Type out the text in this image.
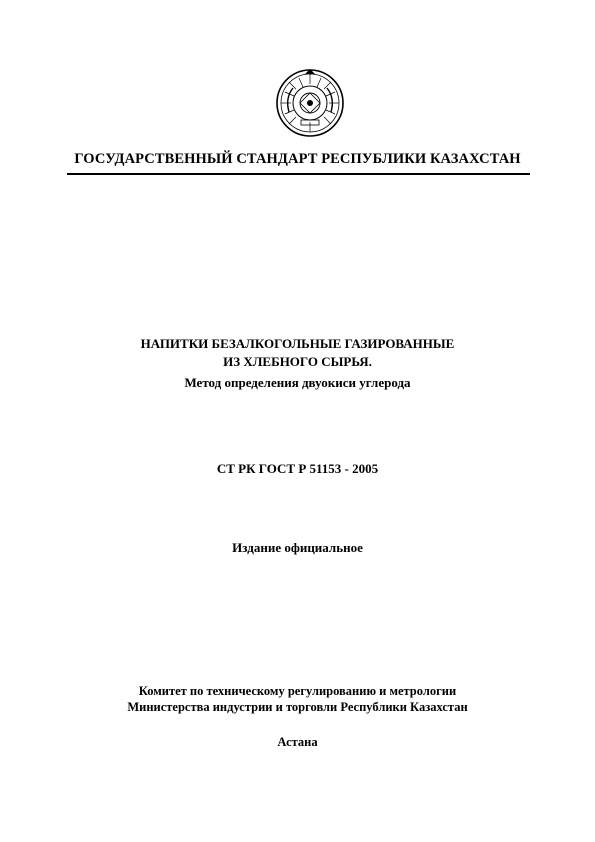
ГОСУДАРСТВЕННЫЙ СТАНДАРТ РЕСПУБЛИКИ КАЗАХСТАН
НАПИТКИ БЕЗАЛКОГОЛЬНЫЕ ГАЗИРОВАННЫЕ
ИЗ ХЛЕБНОГО СЫРЬЯ.
Метод определения двуокиси углерода
СТ РК ГОСТ Р 51153 - 2005
Издание официальное
Комитет по техническому регулированию и метрологии
Министерства индустрии и торговли Республики Казахстан
Астана
